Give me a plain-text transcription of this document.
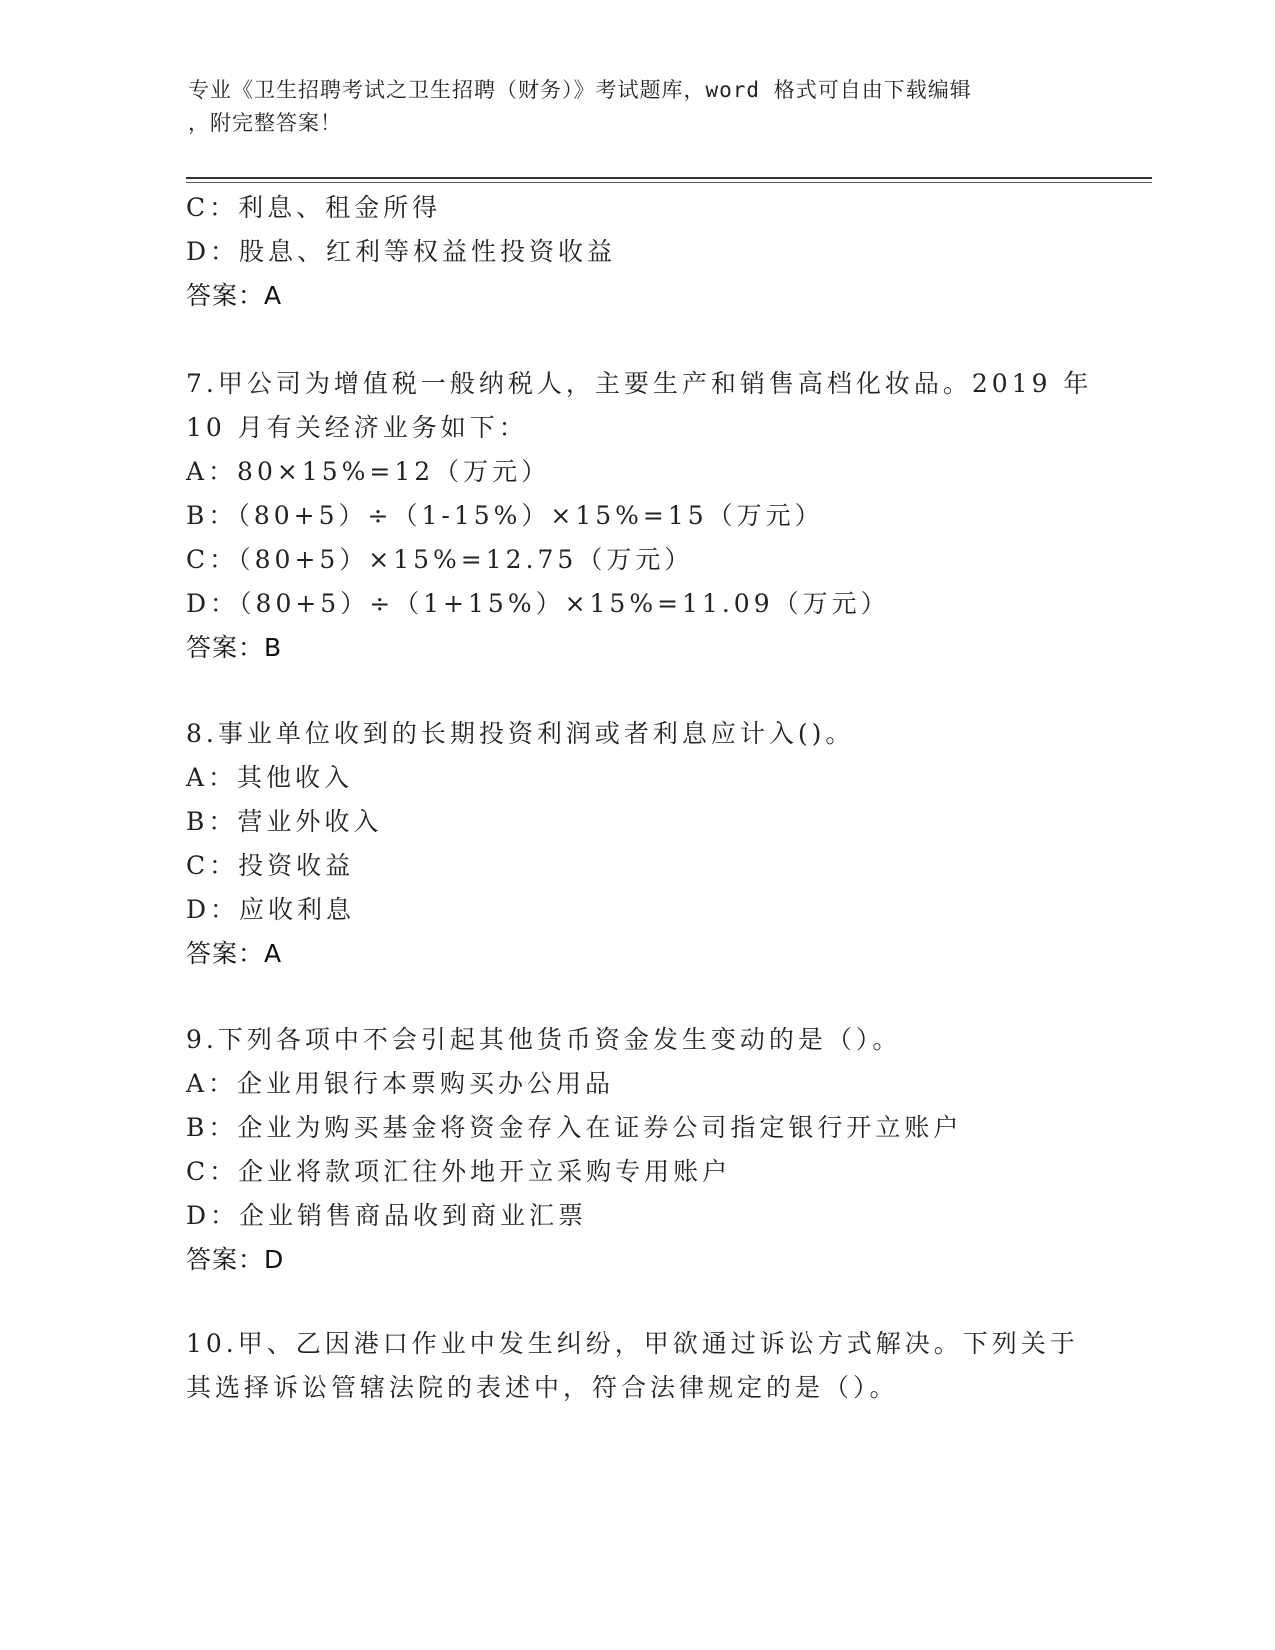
专业《卫生招聘考试之卫生招聘（财务）》考试题库，word 格式可自由下载编辑
，附完整答案！
C：利息、租金所得
D：股息、红利等权益性投资收益
答案：A
7.甲公司为增值税一般纳税人，主要生产和销售高档化妆品。2019 年
10 月有关经济业务如下：
A：80×15%=12（万元）
B：（80+5）÷（1-15%）×15%=15（万元）
C：（80+5）×15%=12.75（万元）
D：（80+5）÷（1+15%）×15%=11.09（万元）
答案：B
8.事业单位收到的长期投资利润或者利息应计入()。
A：其他收入
B：营业外收入
C：投资收益
D：应收利息
答案：A
9.下列各项中不会引起其他货币资金发生变动的是（）。
A：企业用银行本票购买办公用品
B：企业为购买基金将资金存入在证券公司指定银行开立账户
C：企业将款项汇往外地开立采购专用账户
D：企业销售商品收到商业汇票
答案：D
10.甲、乙因港口作业中发生纠纷，甲欲通过诉讼方式解决。下列关于
其选择诉讼管辖法院的表述中，符合法律规定的是（）。
